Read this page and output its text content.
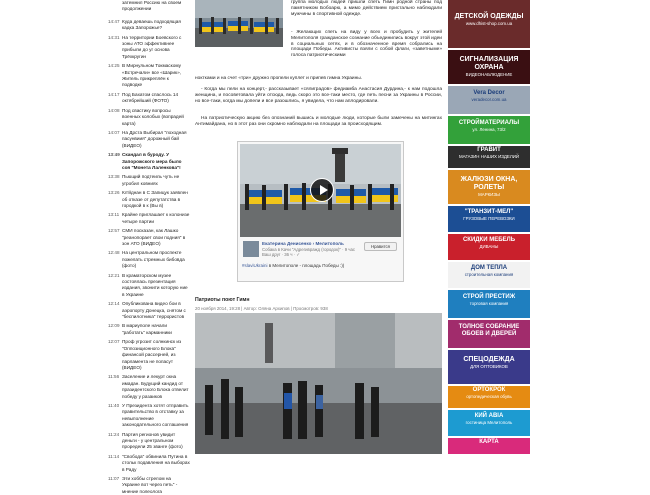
затемнил Россию на своем продолжении
14:47 Куда деваешь подходящая кадка Запорожье?
14:31 На территории Боевского с зоны АТО эффективнее прибыли до уг основа Трёхкругин
14:25 В Мирнульном Токмаскому «Встречали» все «Шарик», Житель прикреплён к подводке
14:17 Под Бахатом спаслось 14 октябрейший (ФОТО)
14:08 Под свастику вопросы военных колобых (вопрадей карта)
14:07 На Дрста Выбирал "походная пасунвиия" дорожный бай (ВИДЕО)
13:49 Скандал в буроду. У Запорожского мера было соя "Монета Лаленкова"!
13:38 Пьющий подтеиль чуть не угробил ковниях
13:26 Кл'йднан в С Запицук заявлен об отказе от депутатства в городкой в к (Вы в)
13:11 Крайне приглашает к колонизе четыре партии
12:57 СМИ посказан, как Лашко "реанопорает свои подния" в зон АТО (ВИДЕО)
12:48 На центральном проспекте пожелать стремных бибовда (фото)
12:21 В краматорском музее состоялась презентация издания, звонити которую ние в Украине
12:14 Опубликована видео бои в аэропорту Донецка, снятом с "беспилотника" террористов
12:09 В мариуполе начали "работать" карманники
12:07 Проф угрозит солнкинск из "Оппозиционного Блока" финансой рассерней, из парламента не попасут (ВИДЕО)
11:56 Заселение и лекурт окна имадан. Будущий кандид от празидентского Блока отвелит победу у разаиков
11:40 У Президента хотят отправить правительство в отставку за невыполнение законодательного соглашения
11:24 Партия регионов увидит деньги - у центральном проредели 25 званге (фото)
11:14 "Свобода" обвинила Путина в стольк подавления на выборах в Раду
11:07 Эти хоббы стрелом на Украине вот через петь" - мнение полеолога
группа молодых людей пришли спеть Гимн родной страны под памятником Бобоарю, а мимо действием пристально наблюдали мужчины в спортивной одежде.
- Желающих спеть на виду у всех и пробудить у жителей Мелитополя гражданское сознание объединились вокруг этой идеи в социальных сетях, и в обозначенное время собрались на площади Победы. Активисты взяли с собой флаги, «заветныме» голоса патриотическими
ноктками и на счет «три» дружно пропели куплет и припев гимна Украины.
- Когда мы пели на концерт,- рассказывает «сялиградов» федиамба Анастасия Дурдина,- к нам подошла женщина, и посоветовала уйти отсюда, ведь скоро это все-таки место, где петь песни за Украины в России, но все-таки, когда мы допели и все разошлись, я увидела, что нам аплодировали.
На патриотическую акцию без опознаний вышись и молодые люди, которые были замечены на митингах Антимайдана, но в этот раз они скромно наблюдали на площади за происходящим.
Екатерина Денисенко › Мелитополь
Собака в Качи "Адрегивражд (городок)" · 9 час
Ваш друг · 36 ч · ✓
Нравится
#slaviUkraini в Мелитополе - площадь Победы :))
Патриоты поют Гимн
20 ноября 2014, 19:28 | Автор: Оляна Архипов | Просмотров: 938
ДЕТСКОЙ ОДЕЖДЫ
www.dhist-shop.com.ua
СИГНАЛИЗАЦИЯ ОХРАНА
ВИДЕОНАБЛЮДЕНИЕ
Vera Decor
veradecor.com.ua
СТРОЙМАТЕРИАЛЫ
ул. Ленина, 73/2
ГРАВИТ
МАГАЗИН НАШИХ ИЗДЕЛИЙ
ЖАЛЮЗИ ОКНА, РОЛЕТЫ
МАРКИЗЫ
"ТРАНЗИТ-МЕЛ"
ГРУЗОВЫЕ ПЕРЕВОЗКИ
СКИДКИ МЕБЕЛЬ
ДИВАНЫ
ДОМ ТЕПЛА
строительная компания
СТРОЙ ПРЕСТИЖ
торговая компания
ТОЛНОЕ СОБРАНИЕ ОБОЕВ И ДВЕРЕЙ
СПЕЦОДЕЖДА
ДЛЯ ОПТОВИКОВ
ОРТОКРОК
ортопедическая обувь
КИЙ АВІА
гостиница Мелитополь
КАРТА
